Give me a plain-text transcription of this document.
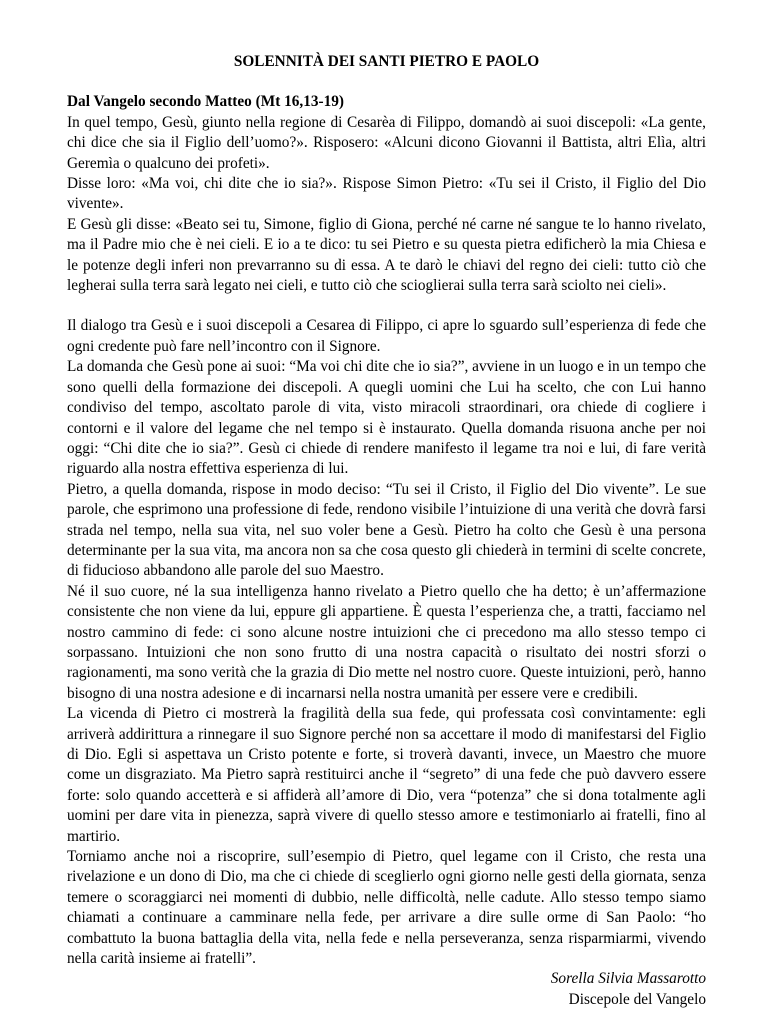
SOLENNITÀ DEI SANTI PIETRO E PAOLO
Dal Vangelo secondo Matteo (Mt 16,13-19)

In quel tempo, Gesù, giunto nella regione di Cesarèa di Filippo, domandò ai suoi discepoli: «La gente, chi dice che sia il Figlio dell’uomo?». Risposero: «Alcuni dicono Giovanni il Battista, altri Elìa, altri Geremìa o qualcuno dei profeti».

Disse loro: «Ma voi, chi dite che io sia?». Rispose Simon Pietro: «Tu sei il Cristo, il Figlio del Dio vivente».

E Gesù gli disse: «Beato sei tu, Simone, figlio di Giona, perché né carne né sangue te lo hanno rivelato, ma il Padre mio che è nei cieli. E io a te dico: tu sei Pietro e su questa pietra edificherò la mia Chiesa e le potenze degli inferi non prevarranno su di essa. A te darò le chiavi del regno dei cieli: tutto ciò che legherai sulla terra sarà legato nei cieli, e tutto ciò che scioglierai sulla terra sarà sciolto nei cieli».

Il dialogo tra Gesù e i suoi discepoli a Cesarea di Filippo, ci apre lo sguardo sull’esperienza di fede che ogni credente può fare nell’incontro con il Signore.

La domanda che Gesù pone ai suoi: “Ma voi chi dite che io sia?”, avviene in un luogo e in un tempo che sono quelli della formazione dei discepoli. A quegli uomini che Lui ha scelto, che con Lui hanno condiviso del tempo, ascoltato parole di vita, visto miracoli straordinari, ora chiede di cogliere i contorni e il valore del legame che nel tempo si è instaurato. Quella domanda risuona anche per noi oggi: “Chi dite che io sia?”. Gesù ci chiede di rendere manifesto il legame tra noi e lui, di fare verità riguardo alla nostra effettiva esperienza di lui.

Pietro, a quella domanda, rispose in modo deciso: “Tu sei il Cristo, il Figlio del Dio vivente”. Le sue parole, che esprimono una professione di fede, rendono visibile l’intuizione di una verità che dovrà farsi strada nel tempo, nella sua vita, nel suo voler bene a Gesù. Pietro ha colto che Gesù è una persona determinante per la sua vita, ma ancora non sa che cosa questo gli chiederà in termini di scelte concrete, di fiducioso abbandono alle parole del suo Maestro.

Né il suo cuore, né la sua intelligenza hanno rivelato a Pietro quello che ha detto; è un’affermazione consistente che non viene da lui, eppure gli appartiene. È questa l’esperienza che, a tratti, facciamo nel nostro cammino di fede: ci sono alcune nostre intuizioni che ci precedono ma allo stesso tempo ci sorpassano. Intuizioni che non sono frutto di una nostra capacità o risultato dei nostri sforzi o ragionamenti, ma sono verità che la grazia di Dio mette nel nostro cuore. Queste intuizioni, però, hanno bisogno di una nostra adesione e di incarnarsi nella nostra umanità per essere vere e credibili.

La vicenda di Pietro ci mostrerà la fragilità della sua fede, qui professata così convintamente: egli arriverà addirittura a rinnegare il suo Signore perché non sa accettare il modo di manifestarsi del Figlio di Dio. Egli si aspettava un Cristo potente e forte, si troverà davanti, invece, un Maestro che muore come un disgraziato. Ma Pietro saprà restituirci anche il “segreto” di una fede che può davvero essere forte: solo quando accetterà e si affiderà all’amore di Dio, vera “potenza” che si dona totalmente agli uomini per dare vita in pienezza, saprà vivere di quello stesso amore e testimoniarlo ai fratelli, fino al martirio.

Torniamo anche noi a riscoprire, sull’esempio di Pietro, quel legame con il Cristo, che resta una rivelazione e un dono di Dio, ma che ci chiede di sceglierlo ogni giorno nelle gesti della giornata, senza temere o scoraggiarci nei momenti di dubbio, nelle difficoltà, nelle cadute. Allo stesso tempo siamo chiamati a continuare a camminare nella fede, per arrivare a dire sulle orme di San Paolo: “ho combattuto la buona battaglia della vita, nella fede e nella perseveranza, senza risparmiarmi, vivendo nella carità insieme ai fratelli”.

Sorella Silvia Massarotto
Discepole del Vangelo
